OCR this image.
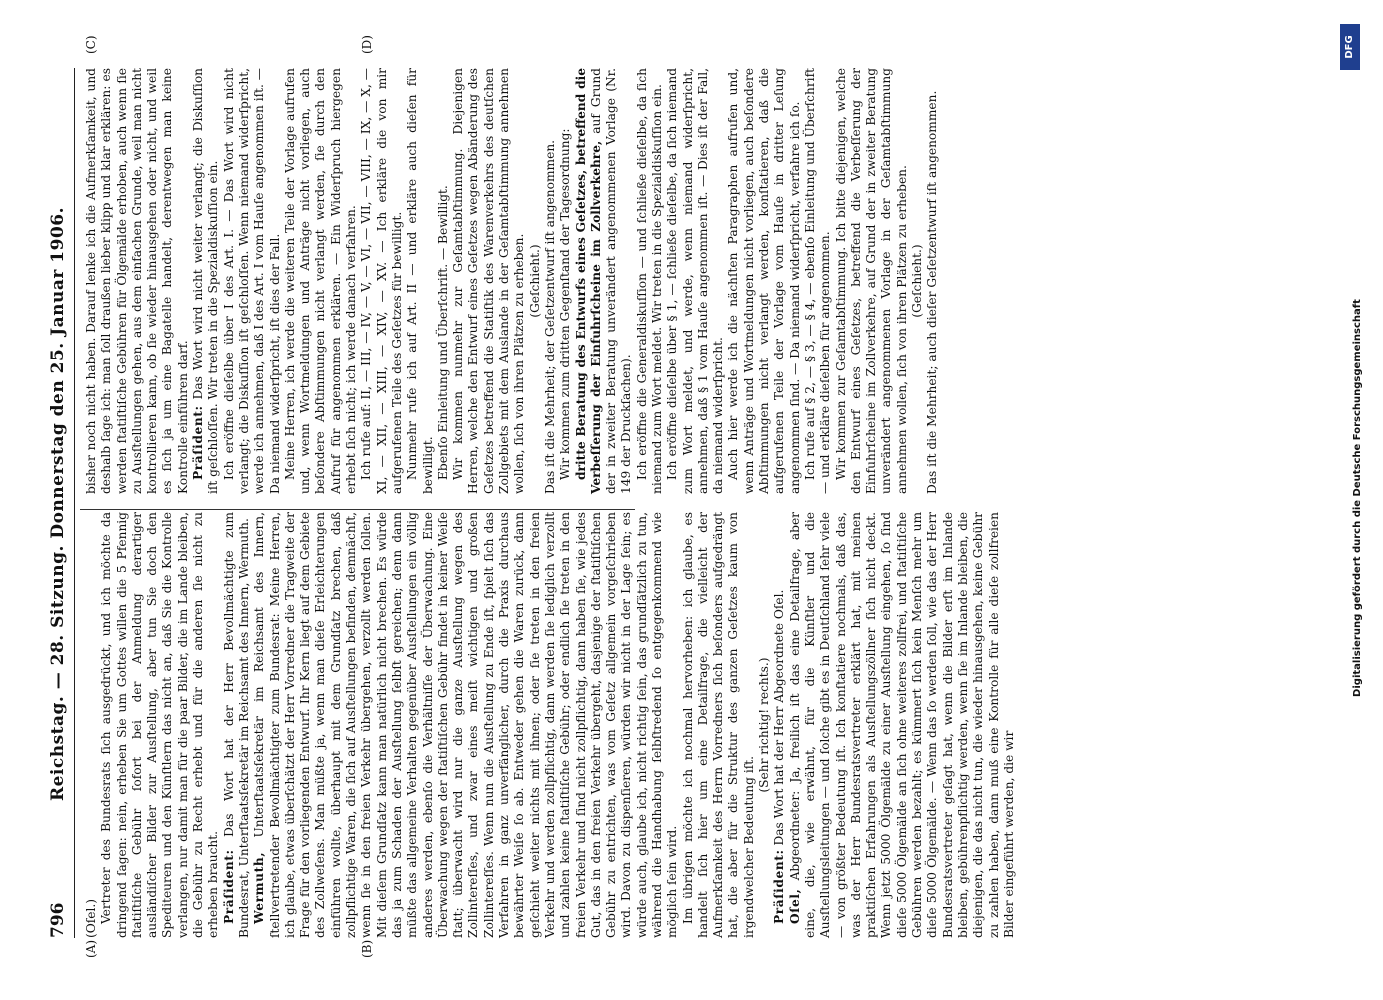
796
Reichstag. — 28. Sitzung. Donnerstag den 25. Januar 1906.
(A)	(B)
(C)	(D)

(Oſel.) Vertreter des Bundesrats ſich ausgedrückt, und ich möchte da dringend ſagen: nein, erheben Sie um Gottes willen die 5 Pfennig ſtatiſtiſche Gebühr ſofort bei der Anmeldung derartiger ausländiſcher Bilder zur Ausſtellung, aber tun Sie doch den Spediteuren und den Künſtlern das nicht an, daß Sie die Kontrolle verlangen, nur damit man für die paar Bilder, die im Lande bleiben, die Gebühr zu Recht erhebt und für die anderen ſie nicht zu erheben braucht. Präſident: Das Wort hat der Herr Bevollmächtigte zum Bundesrat, Unterſtaatsſekretär im Reichsamt des Innern, Wermuth. Wermuth, Unterſtaatsſekretär im Reichsamt des Innern, ſtellvertretender Bevollmächtigter zum Bundesrat: Meine Herren, ich glaube, etwas überſchätzt der Herr Vorredner die Tragweite der Frage für den vorliegenden Entwurf. Ihr Kern liegt auf dem Gebiete des Zollweſens. Man müßte ja, wenn man dieſe Erleichterungen einführen wollte, überhaupt mit dem Grundſatz brechen, daß zollpflichtige Waren, die ſich auf Ausſtellungen befinden, demnächſt, wenn ſie in den freien Verkehr übergehen, verzollt werden ſollen. Mit dieſem Grundſatz kann man natürlich nicht brechen. Es würde das ja zum Schaden der Ausſtellung ſelbſt gereichen; denn dann müßte das allgemeine Verhalten gegenüber Ausſtellungen ein völlig anderes werden, ebenſo die Verhältniſſe der Überwachung. Eine Überwachung wegen der ſtatiſtiſchen Gebühr findet in keiner Weiſe ſtatt; überwacht wird nur die ganze Ausſtellung wegen des Zollintereſſes, und zwar eines meiſt wichtigen und großen Zollintereſſes. Wenn nun die Ausſtellung zu Ende iſt, ſpielt ſich das Verfahren in ganz unverfänglicher, durch die Praxis durchaus bewährter Weiſe ſo ab. Entweder gehen die Waren zurück, dann geſchieht weiter nichts mit ihnen; oder ſie treten in den freien Verkehr und werden zollpflichtig, dann werden ſie lediglich verzollt und zahlen keine ſtatiſtiſche Gebühr; oder endlich ſie treten in den freien Verkehr und ſind nicht zollpflichtig, dann haben ſie, wie jedes Gut, das in den freien Verkehr übergeht, dasjenige der ſtatiſtiſchen Gebühr zu entrichten, was vom Geſetz allgemein vorgeſchrieben wird. Davon zu dispenſieren, würden wir nicht in der Lage ſein; es würde auch, glaube ich, nicht richtig ſein, das grundſätzlich zu tun, während die Handhabung ſelbſtredend ſo entgegenkommend wie möglich ſein wird. Im übrigen möchte ich nochmal hervorheben: ich glaube, es handelt ſich hier um eine Detailfrage, die vielleicht der Aufmerkſamkeit des Herrn Vorredners ſich beſonders aufgedrängt hat, die aber für die Struktur des ganzen Geſetzes kaum von irgendwelcher Bedeutung iſt.

(Sehr richtig! rechts.)

Präſident: Das Wort hat der Herr Abgeordnete Oſel.

Oſel, Abgeordneter: Ja, freilich iſt das eine Detailfrage, aber eine, die, wie erwähnt, für die Künſtler und die Ausſtellungsleitungen — und ſolche gibt es in Deutſchland ſehr viele — von größter Bedeutung iſt. Ich konſtatiere nochmals, daß das, was der Herr Bundesratsvertreter erklärt hat, mit meinen praktiſchen Erfahrungen als Ausſtellungszöllner ſich nicht deckt. Wenn jetzt 5000 Ölgemälde zu einer Ausſtellung eingehen, ſo ſind dieſe 5000 Ölgemälde an ſich ohne weiteres zollfrei, und ſtatiſtiſche Gebühren werden bezahlt; es kümmert ſich kein Menſch mehr um dieſe 5000 Ölgemälde. — Wenn das ſo werden ſoll, wie das der Herr Bundesratsvertreter geſagt hat, wenn die Bilder erſt im Inlande bleiben, gebührenpflichtig werden, wenn ſie im Inlande bleiben, die diejenigen, die das nicht tun, die wieder hinausgehen, keine Gebühr zu zahlen haben, dann muß eine Kontrolle für alle dieſe zollfreien Bilder eingeführt werden, die wir

bisher noch nicht haben. Darauf lenke ich die Aufmerkſamkeit, und deshalb ſage ich: man ſoll draußen lieber klipp und klar erklären: es werden ſtatiſtiſche Gebühren für Ölgemälde erhoben, auch wenn ſie zu Ausſtellungen gehen, aus dem einfachen Grunde, weil man nicht kontrollieren kann, ob ſie wieder hinausgehen oder nicht, und weil es ſich ja um eine Bagatelle handelt, derentwegen man keine Kontrolle einführen darf. Präſident: Das Wort wird nicht weiter verlangt; die Diskuſſion iſt geſchloſſen. Wir treten in die Spezialdiskuſſion ein. Ich eröffne dieſelbe über I des Art. I. — Das Wort wird nicht verlangt; die Diskuſſion iſt geſchloſſen. Wenn niemand widerſpricht, werde ich annehmen, daß I des Art. I vom Hauſe angenommen iſt. — Da niemand widerſpricht, iſt dies der Fall. Meine Herren, ich werde die weiteren Teile der Vorlage aufrufen und, wenn Wortmeldungen und Anträge nicht vorliegen, auch beſondere Abſtimmungen nicht verlangt werden, ſie durch den Aufruf für angenommen erklären. — Ein Widerſpruch hiergegen erhebt ſich nicht; ich werde danach verfahren. Ich rufe auf: II, — III, — IV, — V, — VI, — VII, — VIII, — IX, — X, — XI, — XII, — XIII, — XIV, — XV. — Ich erkläre die von mir aufgerufenen Teile des Geſetzes für bewilligt. Nunmehr rufe ich auf Art. II — und erkläre auch dieſen für bewilligt. Ebenſo Einleitung und Überſchrift. — Bewilligt. Wir kommen nunmehr zur Geſamtabſtimmung. Diejenigen Herren, welche den Entwurf eines Geſetzes wegen Abänderung des Geſetzes betreffend die Statiſtik des Warenverkehrs des deutſchen Zollgebiets mit dem Auslande in der Geſamtabſtimmung annehmen wollen, ſich von ihren Plätzen zu erheben. (Geſchieht.) Das iſt die Mehrheit; der Geſetzentwurf iſt angenommen. Wir kommen zum dritten Gegenſtand der Tagesordnung: dritte Beratung des Entwurfs eines Geſetzes, betreffend die Verbeſſerung der Einfuhrſcheine im Zollverkehre, auf Grund der in zweiter Beratung unverändert angenommenen Vorlage (Nr. 149 der Druckſachen). Ich eröffne die Generaldiskuſſion — und ſchließe dieſelbe, da ſich niemand zum Wort meldet. Wir treten in die Spezialdiskuſſion ein. Ich eröffne dieſelbe über § 1, — ſchließe dieſelbe, da ſich niemand zum Wort meldet, und werde, wenn niemand widerſpricht, annehmen, daß § 1 vom Hauſe angenommen iſt. — Dies iſt der Fall, da niemand widerſpricht. Auch hier werde ich die nächſten Paragraphen aufrufen und, wenn Anträge und Wortmeldungen nicht vorliegen, auch beſondere Abſtimmungen nicht verlangt werden, konſtatieren, daß die aufgerufenen Teile der Vorlage vom Hauſe in dritter Leſung angenommen ſind. — Da niemand widerſpricht, verfahre ich ſo. Ich rufe auf § 2, — § 3, — § 4, — ebenſo Einleitung und Überſchrift — und erkläre dieſelben für angenommen. Wir kommen zur Geſamtabſtimmung. Ich bitte diejenigen, welche den Entwurf eines Geſetzes, betreffend die Verbeſſerung der Einfuhrſcheine im Zollverkehre, auf Grund der in zweiter Beratung unverändert angenommenen Vorlage in der Geſamtabſtimmung annehmen wollen, ſich von ihren Plätzen zu erheben. (Geſchieht.) Das iſt die Mehrheit; auch dieſer Geſetzentwurf iſt angenommen.

Digitalisierung gefördert durch die Deutsche Forschungsgemeinschaft
DFG
